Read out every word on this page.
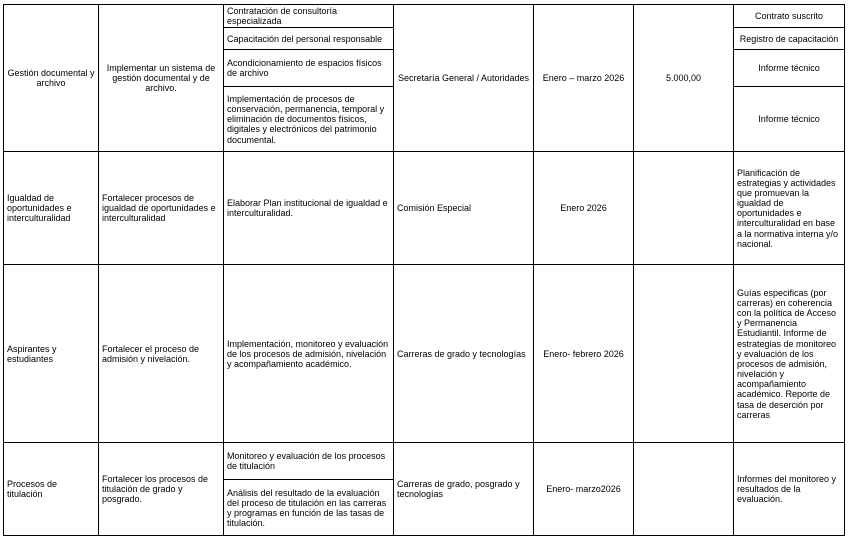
Gestión documental y archivo	Implementar un sistema de gestión documental y de archivo.	Contratación de consultoría especializada	Secretaría General / Autoridades	Enero – marzo 2026	5.000,00	Contrato suscrito
		Capacitación del personal responsable				Registro de capacitación
		Acondicionamiento de espacios físicos de archivo				Informe técnico
		Implementación de procesos de conservación, permanencia, temporal y eliminación de documentos físicos, digitales y electrónicos del patrimonio documental.				Informe técnico
Igualdad de oportunidades e interculturalidad	Fortalecer procesos de igualdad de oportunidades e interculturalidad	Elaborar Plan institucional de igualdad e interculturalidad.	Comisión Especial	Enero 2026		Planificación de estrategias y actividades que promuevan la igualdad de oportunidades e interculturalidad en base a la normativa interna y/o nacional.
Aspirantes y estudiantes	Fortalecer el proceso de admisión y nivelación.	Implementación, monitoreo y evaluación de los procesos de admisión, nivelación y acompañamiento académico.	Carreras de grado y tecnologías	Enero- febrero 2026		Guías especificas (por carreras) en coherencia con la política de Acceso y Permanencia Estudiantil. Informe de estrategias de monitoreo y evaluación de los procesos de admisión, nivelación y acompañamiento académico. Reporte de tasa de deserción por carreras
Procesos de titulación	Fortalecer los procesos de titulación de grado y posgrado.	Monitoreo y evaluación de los procesos de titulación	Carreras de grado, posgrado y tecnologías	Enero- marzo2026		Informes del monitoreo y resultados de la evaluación.
		Análisis del resultado de la evaluación del proceso de titulación en las carreras y programas en función de las tasas de titulación.				
